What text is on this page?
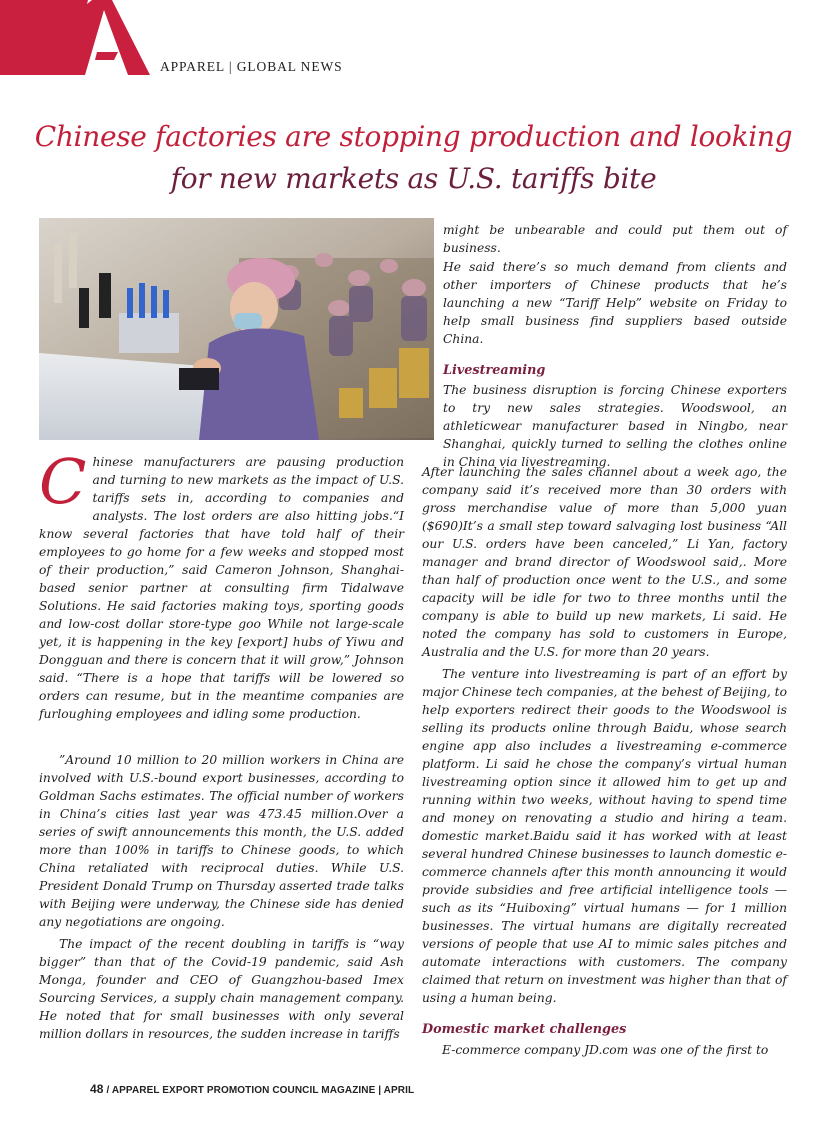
APPAREL | GLOBAL NEWS
Chinese factories are stopping production and looking
for new markets as U.S. tariffs bite
C hinese manufacturers are pausing production and turning to new markets as the impact of U.S. tariffs sets in, according to companies and analysts. The lost orders are also hitting jobs.“I know several factories that have told half of their employees to go home for a few weeks and stopped most of their production,” said Cameron Johnson, Shanghai-based senior partner at consulting firm Tidalwave Solutions. He said factories making toys, sporting goods and low-cost dollar store-type goo While not large-scale yet, it is happening in the key [export] hubs of Yiwu and Dongguan and there is concern that it will grow,” Johnson said. “There is a hope that tariffs will be lowered so orders can resume, but in the meantime companies are furloughing employees and idling some production.

”Around 10 million to 20 million workers in China are involved with U.S.-bound export businesses, according to Goldman Sachs estimates. The official number of workers in China’s cities last year was 473.45 million.Over a series of swift announcements this month, the U.S. added more than 100% in tariffs to Chinese goods, to which China retaliated with reciprocal duties. While U.S. President Donald Trump on Thursday asserted trade talks with Beijing were underway, the Chinese side has denied any negotiations are ongoing.

The impact of the recent doubling in tariffs is “way bigger” than that of the Covid-19 pandemic, said Ash Monga, founder and CEO of Guangzhou-based Imex Sourcing Services, a supply chain management company. He noted that for small businesses with only several million dollars in resources, the sudden increase in tariffs

might be unbearable and could put them out of business.

He said there’s so much demand from clients and other importers of Chinese products that he’s launching a new “Tariff Help” website on Friday to help small business find suppliers based outside China.

Livestreaming

The business disruption is forcing Chinese exporters to try new sales strategies. Woodswool, an athleticwear manufacturer based in Ningbo, near Shanghai, quickly turned to selling the clothes online in China via livestreaming.

After launching the sales channel about a week ago, the company said it’s received more than 30 orders with gross merchandise value of more than 5,000 yuan ($690)It’s a small step toward salvaging lost business “All our U.S. orders have been canceled,” Li Yan, factory manager and brand director of Woodswool said,. More than half of production once went to the U.S., and some capacity will be idle for two to three months until the company is able to build up new markets, Li said. He noted the company has sold to customers in Europe, Australia and the U.S. for more than 20 years.

The venture into livestreaming is part of an effort by major Chinese tech companies, at the behest of Beijing, to help exporters redirect their goods to the Woodswool is selling its products online through Baidu, whose search engine app also includes a livestreaming e-commerce platform. Li said he chose the company’s virtual human livestreaming option since it allowed him to get up and running within two weeks, without having to spend time and money on renovating a studio and hiring a team. domestic market.Baidu said it has worked with at least several hundred Chinese businesses to launch domestic e-commerce channels after this month announcing it would provide subsidies and free artificial intelligence tools — such as its “Huiboxing” virtual humans — for 1 million businesses. The virtual humans are digitally recreated versions of people that use AI to mimic sales pitches and automate interactions with customers. The company claimed that return on investment was higher than that of using a human being.

Domestic market challenges

E-commerce company JD.com was one of the first to

48 / APPAREL EXPORT PROMOTION COUNCIL MAGAZINE | APRIL
